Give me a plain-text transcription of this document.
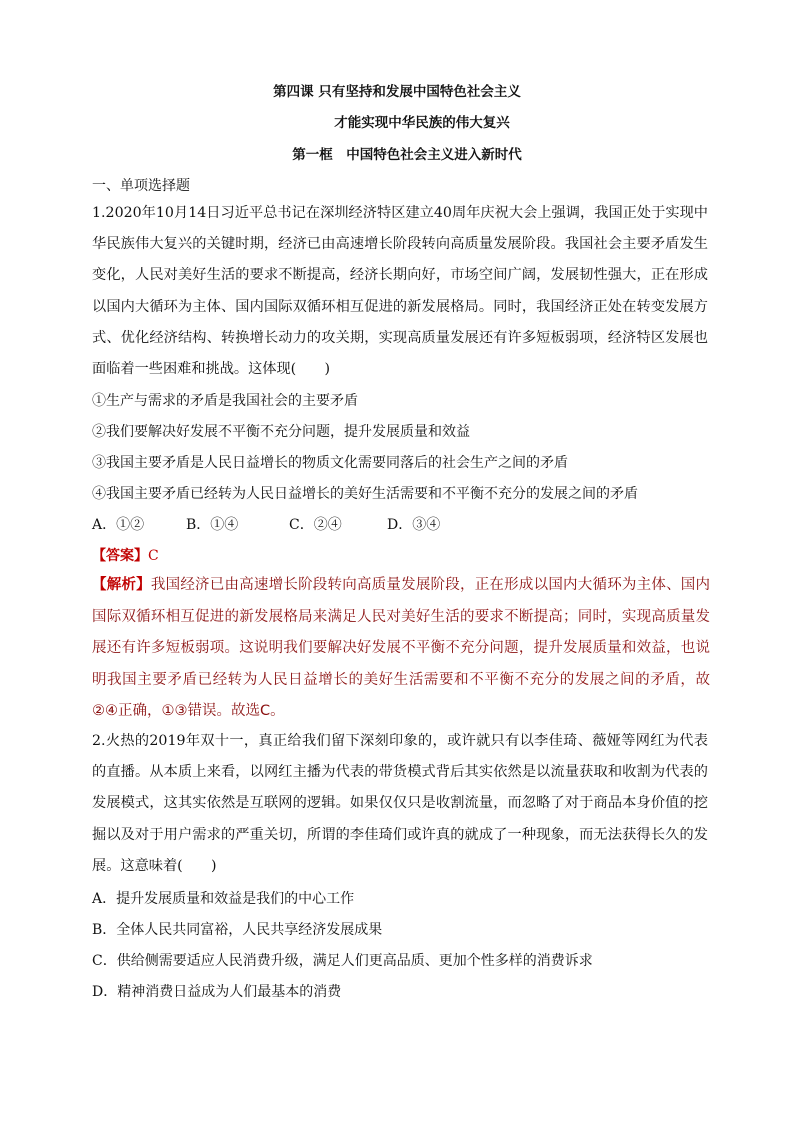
第四课 只有坚持和发展中国特色社会主义
才能实现中华民族的伟大复兴
第一框　中国特色社会主义进入新时代
一、单项选择题
1.2020年10月14日习近平总书记在深圳经济特区建立40周年庆祝大会上强调，我国正处于实现中华民族伟大复兴的关键时期，经济已由高速增长阶段转向高质量发展阶段。我国社会主要矛盾发生变化，人民对美好生活的要求不断提高，经济长期向好，市场空间广阔，发展韧性强大，正在形成以国内大循环为主体、国内国际双循环相互促进的新发展格局。同时，我国经济正处在转变发展方式、优化经济结构、转换增长动力的攻关期，实现高质量发展还有许多短板弱项，经济特区发展也面临着一些困难和挑战。这体现(　　)
①生产与需求的矛盾是我国社会的主要矛盾
②我们要解决好发展不平衡不充分问题，提升发展质量和效益
③我国主要矛盾是人民日益增长的物质文化需要同落后的社会生产之间的矛盾
④我国主要矛盾已经转为人民日益增长的美好生活需要和不平衡不充分的发展之间的矛盾
A．①②	B．①④	C．②④	D．③④
【答案】C
【解析】我国经济已由高速增长阶段转向高质量发展阶段，正在形成以国内大循环为主体、国内国际双循环相互促进的新发展格局来满足人民对美好生活的要求不断提高；同时，实现高质量发展还有许多短板弱项。这说明我们要解决好发展不平衡不充分问题，提升发展质量和效益，也说明我国主要矛盾已经转为人民日益增长的美好生活需要和不平衡不充分的发展之间的矛盾，故②④正确，①③错误。故选C。
2.火热的2019年双十一，真正给我们留下深刻印象的，或许就只有以李佳琦、薇娅等网红为代表的直播。从本质上来看，以网红主播为代表的带货模式背后其实依然是以流量获取和收割为代表的发展模式，这其实依然是互联网的逻辑。如果仅仅只是收割流量，而忽略了对于商品本身价值的挖掘以及对于用户需求的严重关切，所谓的李佳琦们或许真的就成了一种现象，而无法获得长久的发展。这意味着(　　)
A．提升发展质量和效益是我们的中心工作
B．全体人民共同富裕，人民共享经济发展成果
C．供给侧需要适应人民消费升级，满足人们更高品质、更加个性多样的消费诉求
D．精神消费日益成为人们最基本的消费
